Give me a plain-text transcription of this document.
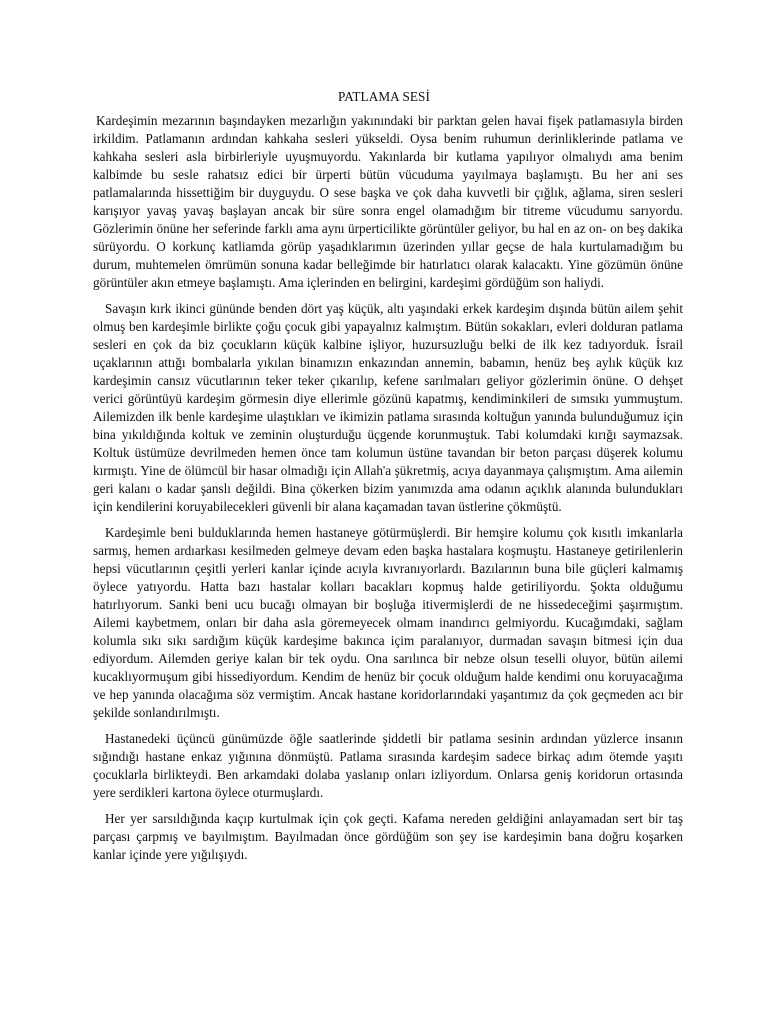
PATLAMA SESİ

Kardeşimin mezarının başındayken mezarlığın yakınındaki bir parktan gelen havai fişek patlamasıyla birden irkildim. Patlamanın ardından kahkaha sesleri yükseldi. Oysa benim ruhumun derinliklerinde patlama ve kahkaha sesleri asla birbirleriyle uyuşmuyordu. Yakınlarda bir kutlama yapılıyor olmalıydı ama benim kalbimde bu sesle rahatsız edici bir ürperti bütün vücuduma yayılmaya başlamıştı. Bu her ani ses patlamalarında hissettiğim bir duyguydu. O sese başka ve çok daha kuvvetli bir çığlık, ağlama, siren sesleri karışıyor yavaş yavaş başlayan ancak bir süre sonra engel olamadığım bir titreme vücudumu sarıyordu. Gözlerimin önüne her seferinde farklı ama aynı ürperticilikte görüntüler geliyor, bu hal en az on- on beş dakika sürüyordu. O korkunç katliamda görüp yaşadıklarımın üzerinden yıllar geçse de hala kurtulamadığım bu durum, muhtemelen ömrümün sonuna kadar belleğimde bir hatırlatıcı olarak kalacaktı. Yine gözümün önüne görüntüler akın etmeye başlamıştı. Ama içlerinden en belirgini, kardeşimi gördüğüm son haliydi.

Savaşın kırk ikinci gününde benden dört yaş küçük, altı yaşındaki erkek kardeşim dışında bütün ailem şehit olmuş ben kardeşimle birlikte çoğu çocuk gibi yapayalnız kalmıştım. Bütün sokakları, evleri dolduran patlama sesleri en çok da biz çocukların küçük kalbine işliyor, huzursuzluğu belki de ilk kez tadıyorduk. İsrail uçaklarının attığı bombalarla yıkılan binamızın enkazından annemin, babamın, henüz beş aylık küçük kız kardeşimin cansız vücutlarının teker teker çıkarılıp, kefene sarılmaları geliyor gözlerimin önüne. O dehşet verici görüntüyü kardeşim görmesin diye ellerimle gözünü kapatmış, kendiminkileri de sımsıkı yummuştum. Ailemizden ilk benle kardeşime ulaştıkları ve ikimizin patlama sırasında koltuğun yanında bulunduğumuz için bina yıkıldığında koltuk ve zeminin oluşturduğu üçgende korunmuştuk. Tabi kolumdaki kırığı saymazsak. Koltuk üstümüze devrilmeden hemen önce tam kolumun üstüne tavandan bir beton parçası düşerek kolumu kırmıştı. Yine de ölümcül bir hasar olmadığı için Allah'a şükretmiş, acıya dayanmaya çalışmıştım. Ama ailemin geri kalanı o kadar şanslı değildi. Bina çökerken bizim yanımızda ama odanın açıklık alanında bulundukları için kendilerini koruyabilecekleri güvenli bir alana kaçamadan tavan üstlerine çökmüştü.

Kardeşimle beni bulduklarında hemen hastaneye götürmüşlerdi. Bir hemşire kolumu çok kısıtlı imkanlarla sarmış, hemen ardıarkası kesilmeden gelmeye devam eden başka hastalara koşmuştu. Hastaneye getirilenlerin hepsi vücutlarının çeşitli yerleri kanlar içinde acıyla kıvranıyorlardı. Bazılarının buna bile güçleri kalmamış öylece yatıyordu. Hatta bazı hastalar kolları bacakları kopmuş halde getiriliyordu. Şokta olduğumu hatırlıyorum. Sanki beni ucu bucağı olmayan bir boşluğa itivermişlerdi de ne hissedeceğimi şaşırmıştım. Ailemi kaybetmem, onları bir daha asla göremeyecek olmam inandırıcı gelmiyordu. Kucağımdaki, sağlam kolumla sıkı sıkı sardığım küçük kardeşime bakınca içim paralanıyor, durmadan savaşın bitmesi için dua ediyordum. Ailemden geriye kalan bir tek oydu. Ona sarılınca bir nebze olsun teselli oluyor, bütün ailemi kucaklıyormuşum gibi hissediyordum. Kendim de henüz bir çocuk olduğum halde kendimi onu koruyacağıma ve hep yanında olacağıma söz vermiştim. Ancak hastane koridorlarındaki yaşantımız da çok geçmeden acı bir şekilde sonlandırılmıştı.

Hastanedeki üçüncü günümüzde öğle saatlerinde şiddetli bir patlama sesinin ardından yüzlerce insanın sığındığı hastane enkaz yığınına dönmüştü. Patlama sırasında kardeşim sadece birkaç adım ötemde yaşıtı çocuklarla birlikteydi. Ben arkamdaki dolaba yaslanıp onları izliyordum. Onlarsa geniş koridorun ortasında yere serdikleri kartona öylece oturmuşlardı.

Her yer sarsıldığında kaçıp kurtulmak için çok geçti. Kafama nereden geldiğini anlayamadan sert bir taş parçası çarpmış ve bayılmıştım. Bayılmadan önce gördüğüm son şey ise kardeşimin bana doğru koşarken kanlar içinde yere yığılışıydı.
